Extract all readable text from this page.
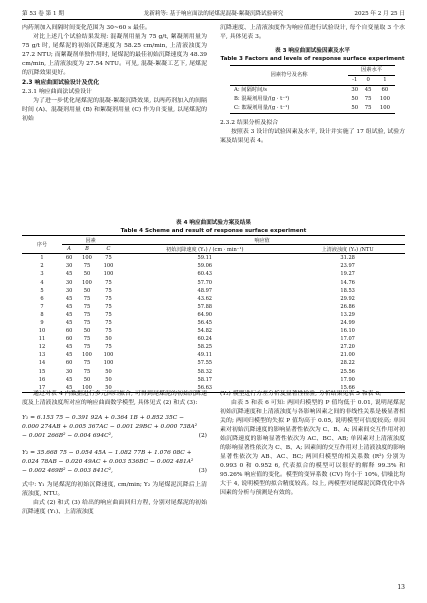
第 53 卷 第 1 期	龙新莉等: 基于响应面法的尾煤泥混凝-絮凝沉降试验研究	2025 年 2 月 25 日

内药剂加入间隔时间变化范围为 30~60 s 最佳。

对比上述几个试验结果发现: 混凝剂用量为 75 g/t, 絮凝剂用量为 75 g/t 时, 尾煤泥的初始沉降速度为 58.25 cm/min, 上清液浊度为 27.2 NTU; 而絮凝剂单独作用时, 尾煤泥的最佳初始沉降速度为 48.39 cm/min, 上清液浊度为 27.54 NTU。可见, 混凝-絮凝工艺下, 尾煤泥的沉降效果更好。

2.3 响应曲面试验设计及优化

2.3.1 响应曲面法试验设计

为了进一步优化尾煤泥的混凝-絮凝沉降效果, 以两药剂加入的间隔时间 (A)、混凝剂用量 (B) 和絮凝剂用量 (C) 作为自变量, 以尾煤泥的初始

沉降速度、上清液浊度作为响应值进行试验设计, 每个自变量取 3 个水平, 具体见表 3。

表 3 响应曲面试验因素及水平

Table 3 Factors and levels of response surface experiment

因素符号及名称	因素水平		
	-1	0	1
A: 间隔时间/s	30	45	60
B: 混凝剂用量/(g · t⁻¹)	50	75	100
C: 絮凝剂用量/(g · t⁻¹)	50	75	100

2.3.2 结果分析及拟合

按照表 3 设计的试验因素及水平, 设计并实施了 17 组试验, 试验方案及结果见表 4。

表 4 响应曲面试验方案及结果

Table 4 Scheme and result of response surface experiment

序号	因素			响应值	
	A	B	C	初始沉降速度 (Y₁) / (cm · min⁻¹)	上清液浊度 (Y₂) /NTU
1	60	100	75	59.11	31.28
2	30	75	100	59.06	23.97
3	45	50	100	60.43	19.27
4	30	100	75	57.70	14.76
5	30	50	75	48.97	18.53
6	45	75	75	43.62	29.92
7	45	75	75	57.88	26.86
8	45	75	75	64.90	13.29
9	45	75	75	56.45	24.99
10	60	50	75	54.82	16.10
11	60	75	50	60.24	17.07
12	45	75	75	58.25	27.20
13	45	100	100	49.11	21.00
14	60	75	100	57.55	28.22
15	30	75	50	58.32	25.56
16	45	50	50	58.17	17.90
17	45	100	50	56.63	15.66

通过对表 4 内数据进行多元回归拟合, 可得到尾煤泥的初始沉降速度及上清液浊度所对应的响应曲面数学模型, 具体见式 (2) 和式 (3):

Y₁ = 6.153 75 − 0.391 92A + 0.364 1B + 0.852 35C − 0.000 274AB + 0.005 367AC − 0.001 29BC + 0.000 738A² − 0.001 266B² − 0.004 694C²,	(2)

Y₂ = 35.668 75 − 0.054 45A − 1.082 77B + 1.076 08C + 0.024 78AB − 0.020 49AC + 0.003 536BC − 0.002 481A² − 0.002 469B² − 0.003 841C²,	(3)

式中: Y₁ 为尾煤泥的初始沉降速度, cm/min; Y₂ 为尾煤泥沉降后上清液浊度, NTU。

由式 (2) 和式 (3) 给出的响应曲面回归方程, 分别对尾煤泥的初始沉降速度 (Y₁)、上清液浊度

(Y₂) 模型进行方差分析及显著性检验, 分析结果见表 5 和表 6。

由表 5 和表 6 可知: 两回归模型的 P 值均低于 0.01, 说明尾煤泥初始沉降速度和上清液浊度与各影响因素之间的非线性关系是极显著相关的; 两回归模型的失拟 P 值均高于 0.05, 说明模型可信度较高; 单因素对初始沉降速度的影响显著性依次为 C、B、A; 因素间交互作用对初始沉降速度的影响显著性依次为 AC、BC、AB; 单因素对上清液浊度的影响显著性依次为 C、B、A; 因素间的交互作用对上清液浊度的影响显著性依次为 AB、AC、BC; 两回归模型的相关系数 (R²) 分别为 0.993 0 和 0.952 6, 代表拟合的模型可以很好的解释 99.3% 和 95.26% 响应值的变化。模型的变异系数 (CV) 均小于 10%, 信噪比均大于 4, 说明模型的拟合精度较高。综上, 两模型对尾煤泥沉降优化中各因素的分析与预测是有效的。

13
